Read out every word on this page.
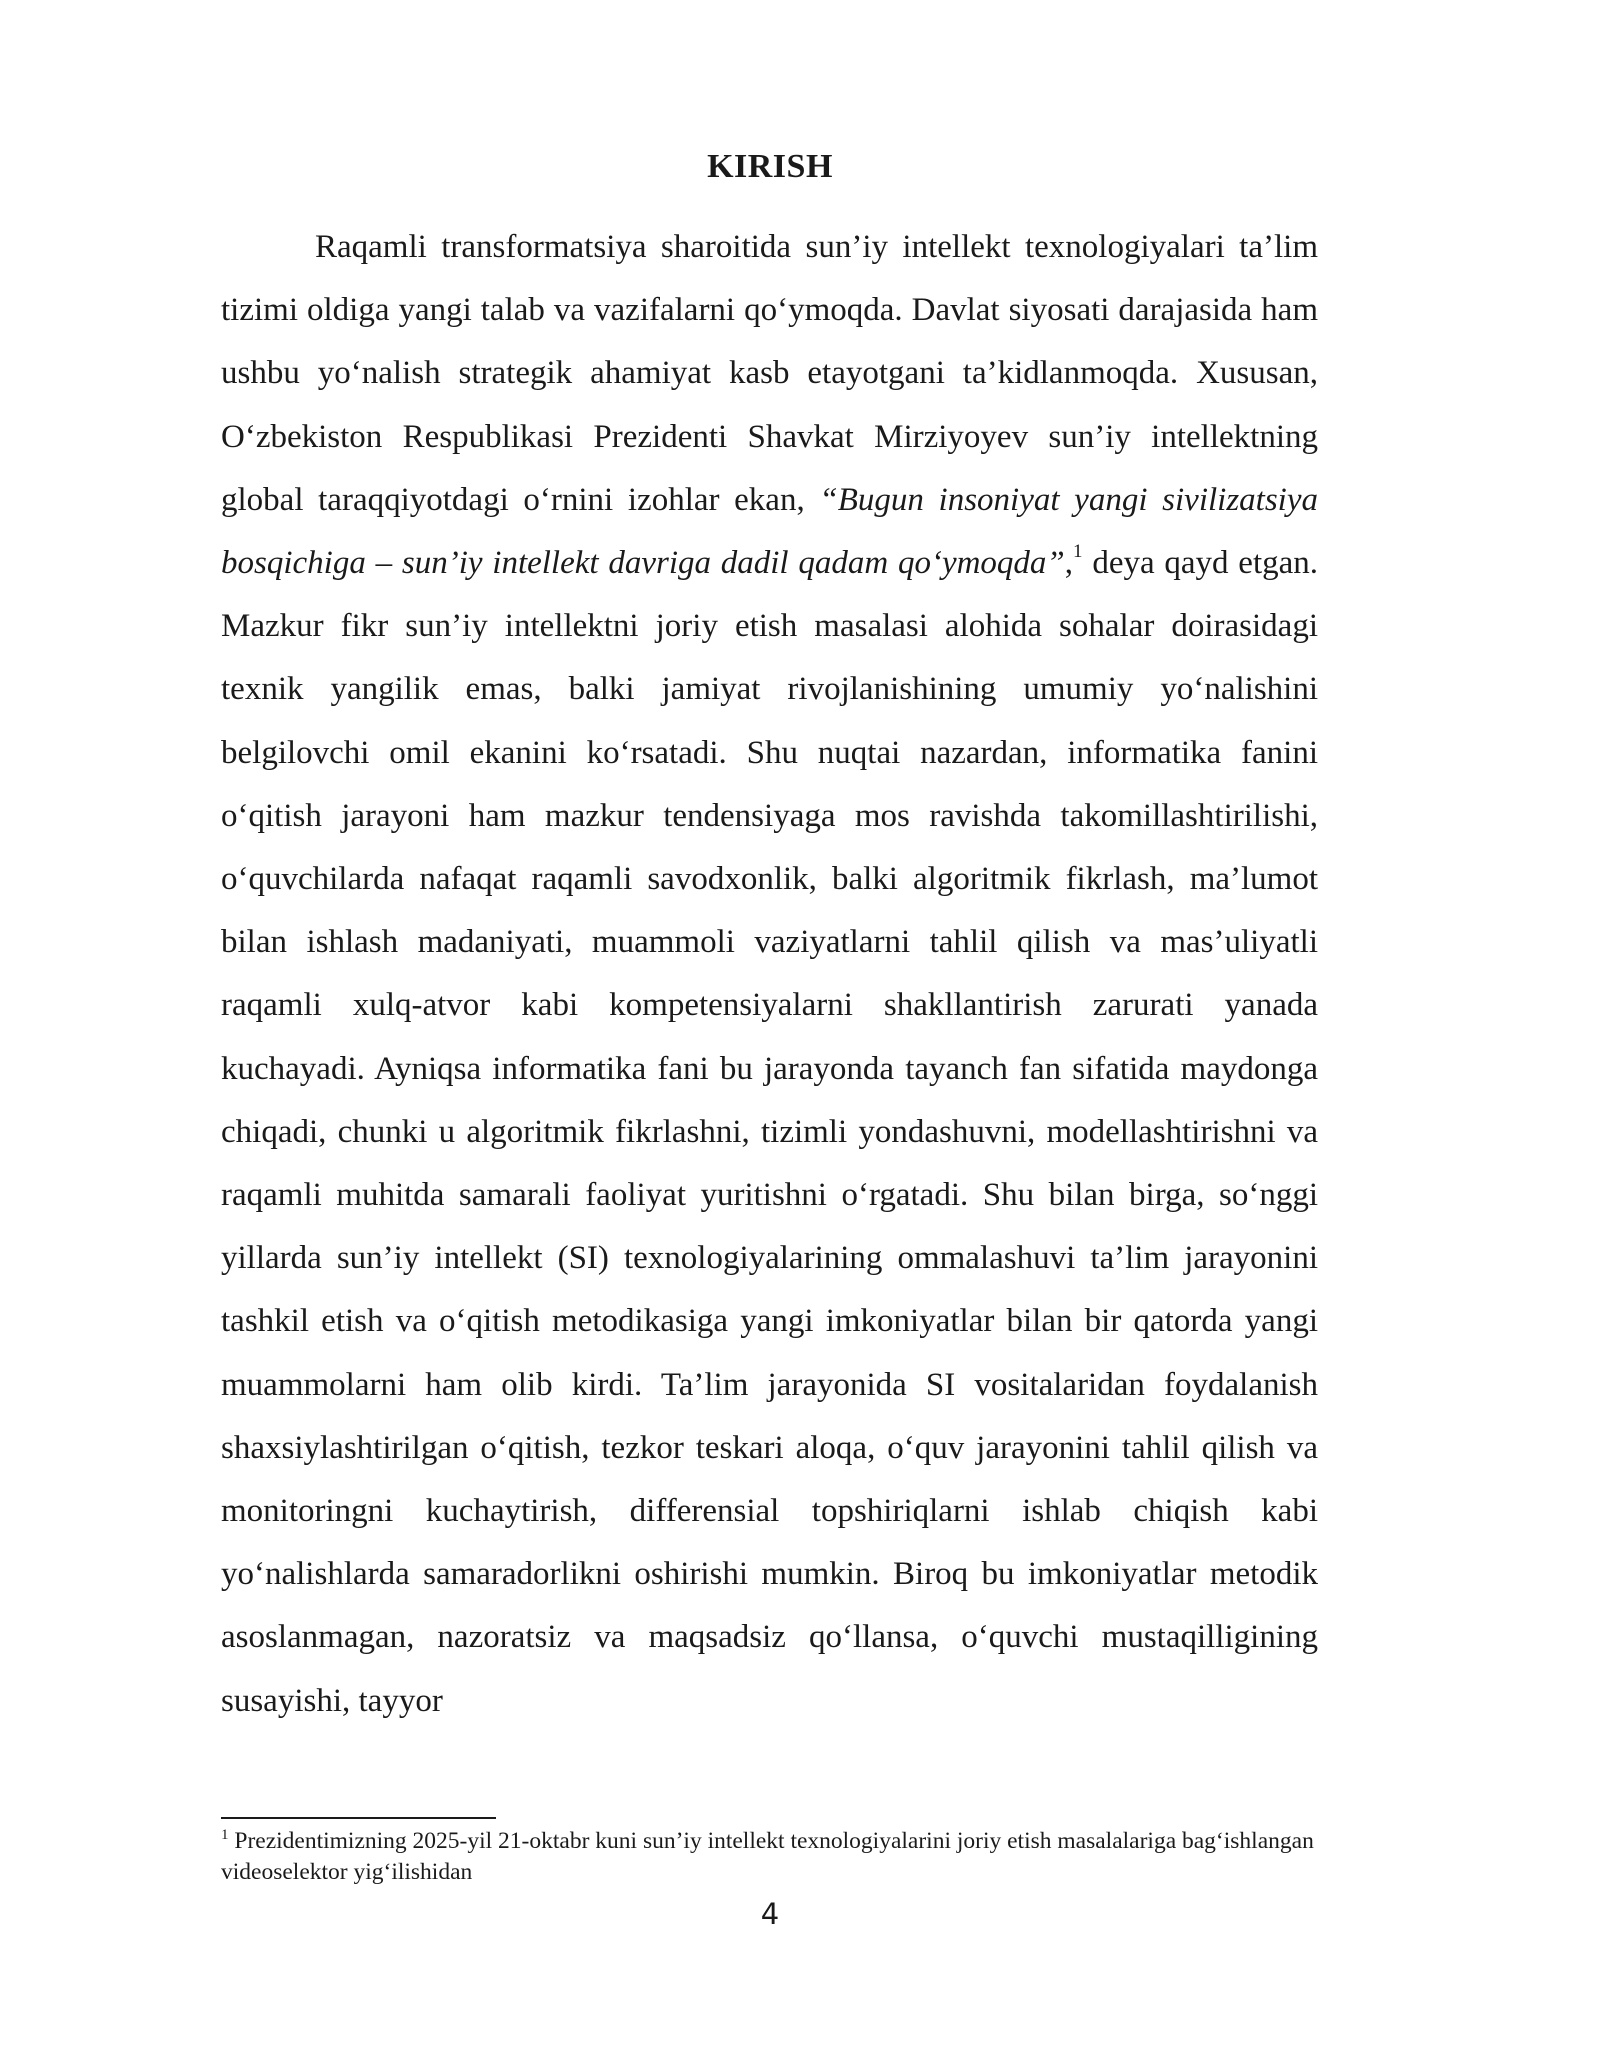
KIRISH

Raqamli transformatsiya sharoitida sun’iy intellekt texnologiyalari ta’lim tizimi oldiga yangi talab va vazifalarni qo‘ymoqda. Davlat siyosati darajasida ham ushbu yo‘nalish strategik ahamiyat kasb etayotgani ta’kidlanmoqda. Xususan, O‘zbekiston Respublikasi Prezidenti Shavkat Mirziyoyev sun’iy intellektning global taraqqiyotdagi o‘rnini izohlar ekan, “Bugun insoniyat yangi sivilizatsiya bosqichiga – sun’iy intellekt davriga dadil qadam qo‘ymoqda”,$^1$ deya qayd etgan. Mazkur fikr sun’iy intellektni joriy etish masalasi alohida sohalar doirasidagi texnik yangilik emas, balki jamiyat rivojlanishining umumiy yo‘nalishini belgilovchi omil ekanini ko‘rsatadi. Shu nuqtai nazardan, informatika fanini o‘qitish jarayoni ham mazkur tendensiyaga mos ravishda takomillashtirilishi, o‘quvchilarda nafaqat raqamli savodxonlik, balki algoritmik fikrlash, ma’lumot bilan ishlash madaniyati, muammoli vaziyatlarni tahlil qilish va mas’uliyatli raqamli xulq-atvor kabi kompetensiyalarni shakllantirish zarurati yanada kuchayadi. Ayniqsa informatika fani bu jarayonda tayanch fan sifatida maydonga chiqadi, chunki u algoritmik fikrlashni, tizimli yondashuvni, modellashtirishni va raqamli muhitda samarali faoliyat yuritishni o‘rgatadi. Shu bilan birga, so‘nggi yillarda sun’iy intellekt (SI) texnologiyalarining ommalashuvi ta’lim jarayonini tashkil etish va o‘qitish metodikasiga yangi imkoniyatlar bilan bir qatorda yangi muammolarni ham olib kirdi. Ta’lim jarayonida SI vositalaridan foydalanish shaxsiylashtirilgan o‘qitish, tezkor teskari aloqa, o‘quv jarayonini tahlil qilish va monitoringni kuchaytirish, differensial topshiriqlarni ishlab chiqish kabi yo‘nalishlarda samaradorlikni oshirishi mumkin. Biroq bu imkoniyatlar metodik asoslanmagan, nazoratsiz va maqsadsiz qo‘llansa, o‘quvchi mustaqilligining susayishi, tayyor

$^1$ Prezidentimizning 2025-yil 21-oktabr kuni sun’iy intellekt texnologiyalarini joriy etish masalalariga bag‘ishlangan videoselektor yig‘ilishidan

4
